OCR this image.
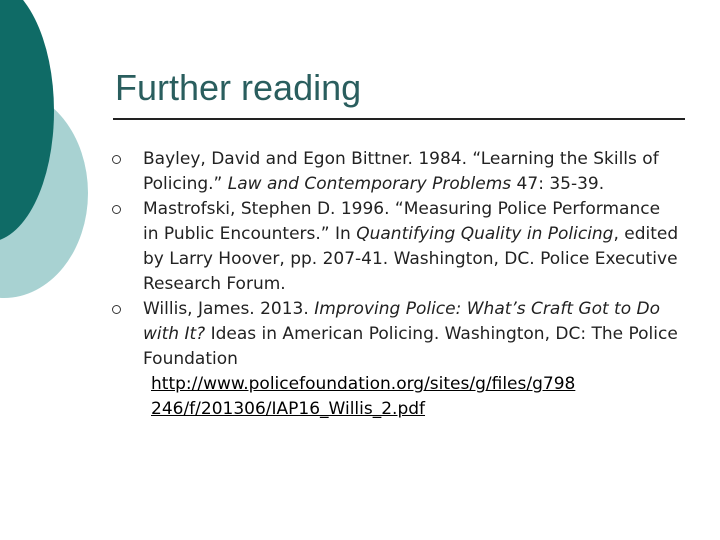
Further reading
Bayley, David and Egon Bittner. 1984. “Learning the Skills of Policing.” Law and Contemporary Problems 47: 35-39.
Mastrofski, Stephen D. 1996. “Measuring Police Performance in Public Encounters.” In Quantifying Quality in Policing, edited by Larry Hoover, pp. 207-41. Washington, DC. Police Executive Research Forum.
Willis, James. 2013. Improving Police: What’s Craft Got to Do with It? Ideas in American Policing. Washington, DC: The Police Foundation
http://www.policefoundation.org/sites/g/files/g798
246/f/201306/IAP16_Willis_2.pdf
